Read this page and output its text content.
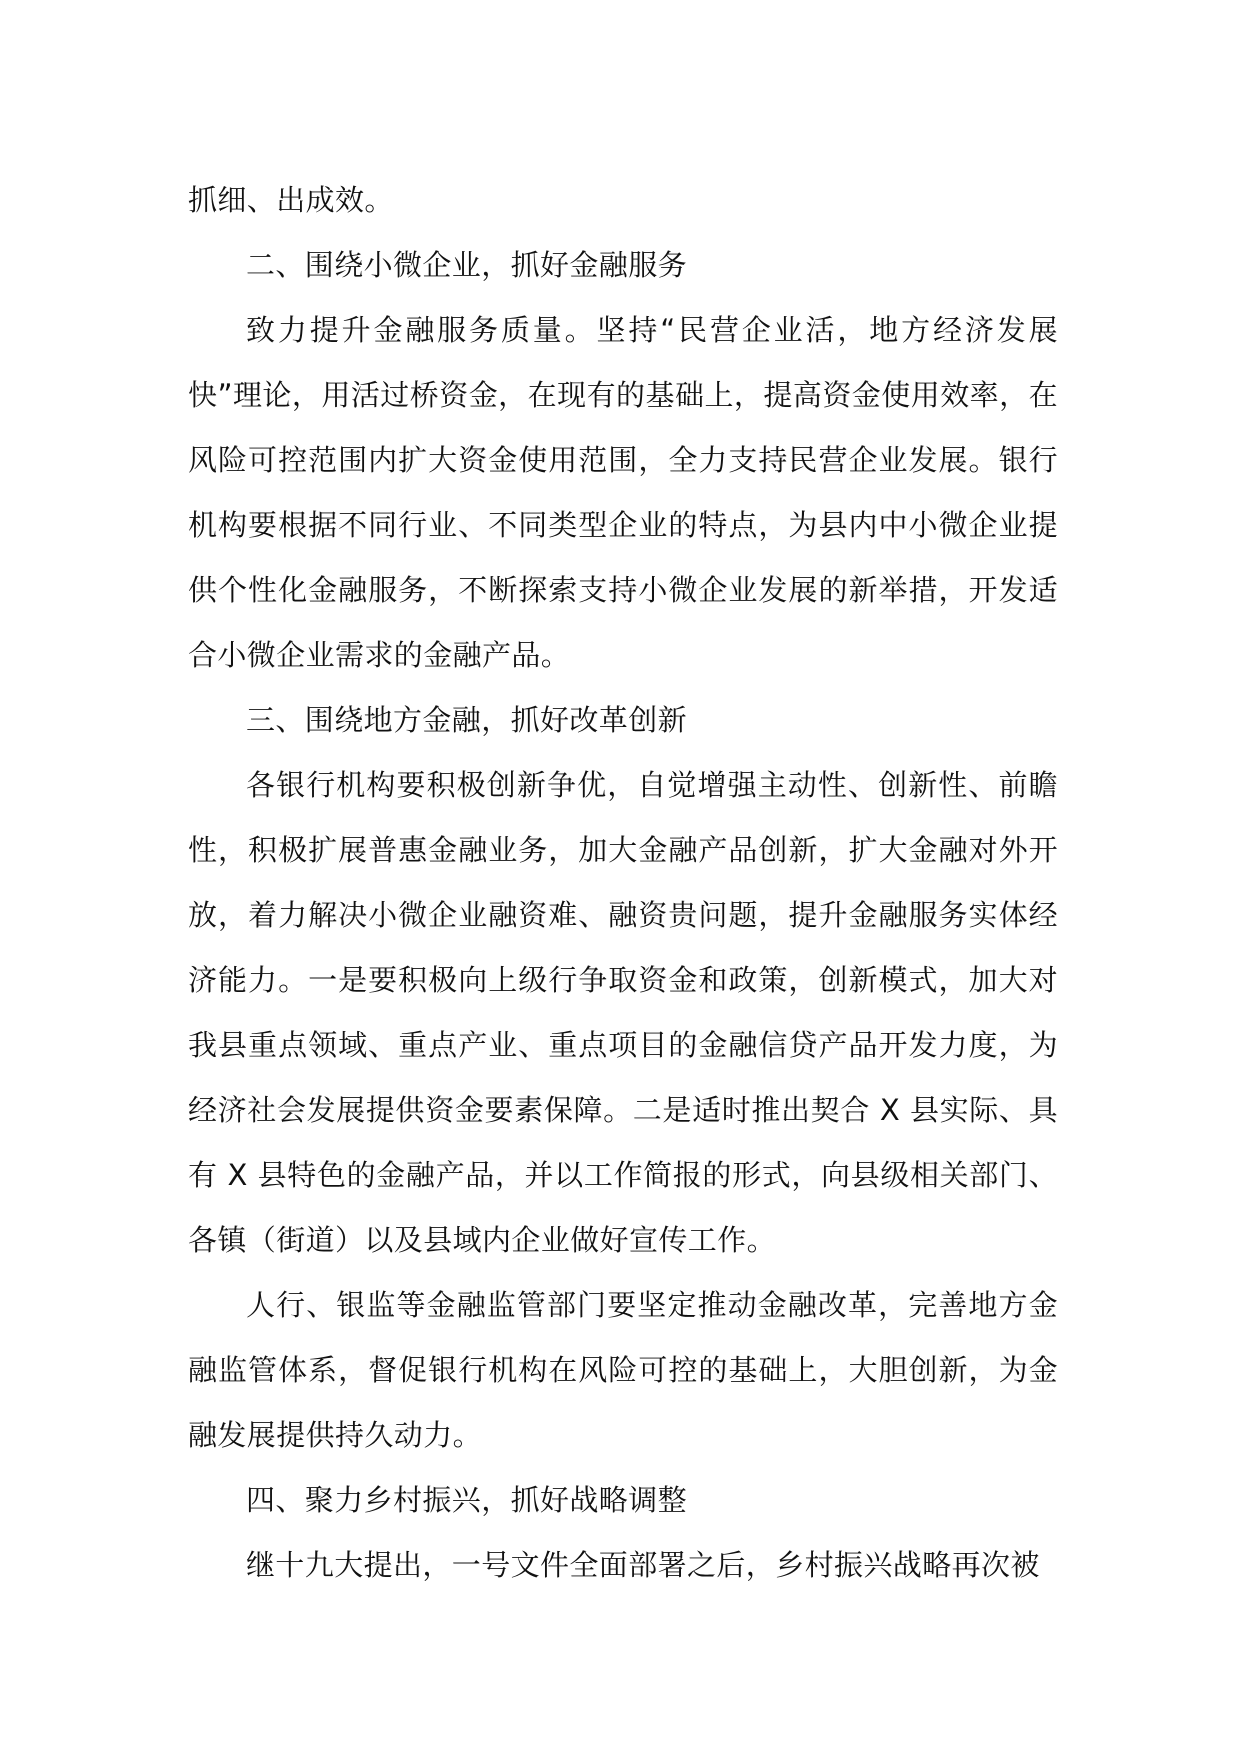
抓细、出成效。

二、围绕小微企业，抓好金融服务

致力提升金融服务质量。坚持“民营企业活，地方经济发展快”理论，用活过桥资金，在现有的基础上，提高资金使用效率，在风险可控范围内扩大资金使用范围，全力支持民营企业发展。银行机构要根据不同行业、不同类型企业的特点，为县内中小微企业提供个性化金融服务，不断探索支持小微企业发展的新举措，开发适合小微企业需求的金融产品。

三、围绕地方金融，抓好改革创新

各银行机构要积极创新争优，自觉增强主动性、创新性、前瞻性，积极扩展普惠金融业务，加大金融产品创新，扩大金融对外开放，着力解决小微企业融资难、融资贵问题，提升金融服务实体经济能力。一是要积极向上级行争取资金和政策，创新模式，加大对我县重点领域、重点产业、重点项目的金融信贷产品开发力度，为经济社会发展提供资金要素保障。二是适时推出契合 X 县实际、具有 X 县特色的金融产品，并以工作简报的形式，向县级相关部门、各镇（街道）以及县域内企业做好宣传工作。

人行、银监等金融监管部门要坚定推动金融改革，完善地方金融监管体系，督促银行机构在风险可控的基础上，大胆创新，为金融发展提供持久动力。

四、聚力乡村振兴，抓好战略调整

继十九大提出，一号文件全面部署之后，乡村振兴战略再次被
